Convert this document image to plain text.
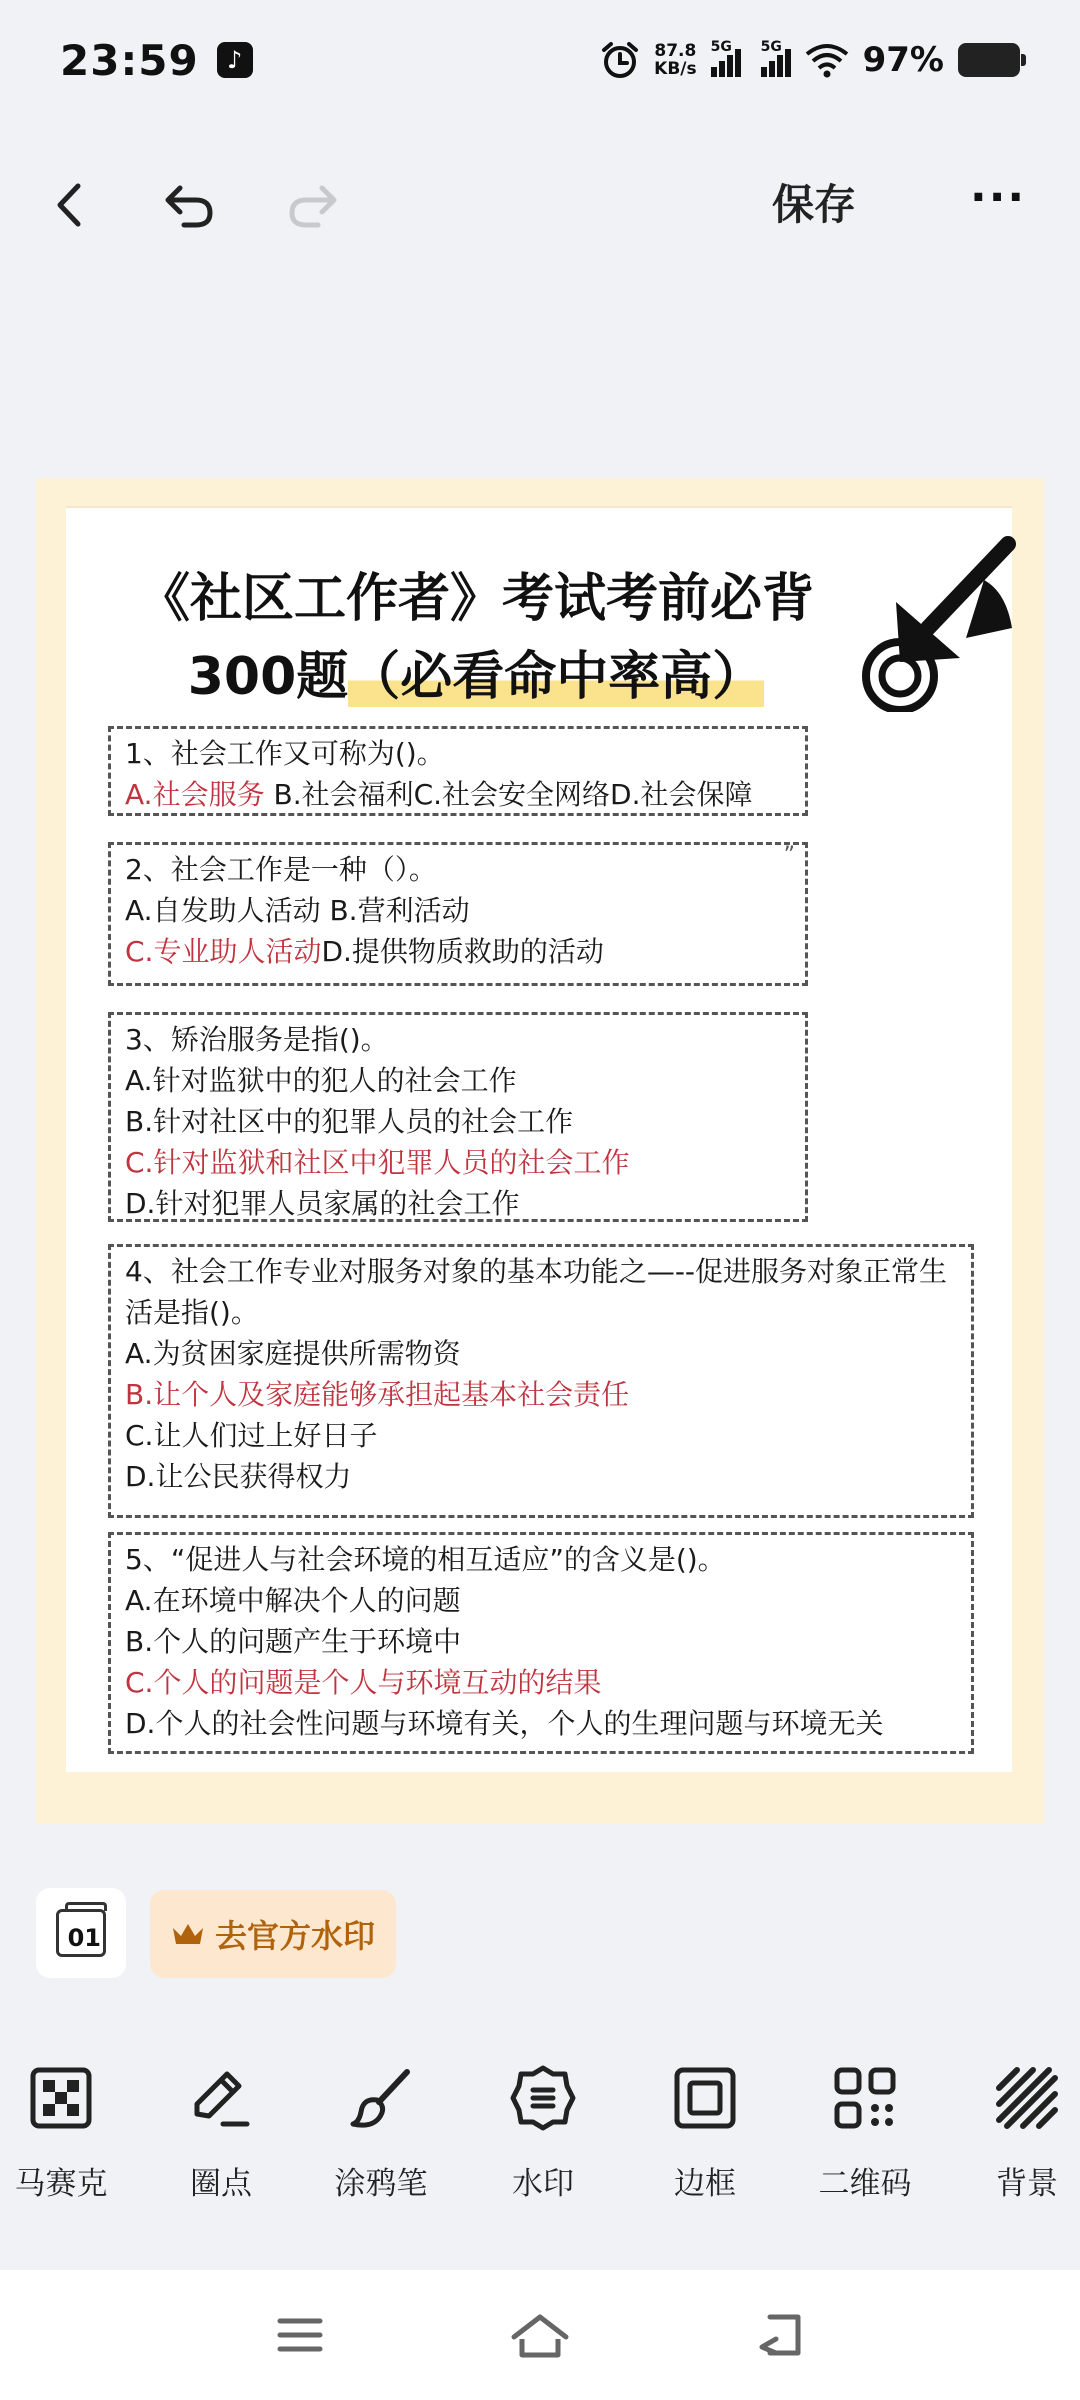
23:59	♪	87.8
KB/s
5G 5G 97%
保存	···
《社区工作者》考试考前必背
300题（必看命中率高）

1、社会工作又可称为()。

A.社会服务 B.社会福利C.社会安全网络D.社会保障

”

2、社会工作是一种（）。

A.自发助人活动 B.营利活动

C.专业助人活动D.提供物质救助的活动

3、矫治服务是指()。

A.针对监狱中的犯人的社会工作

B.针对社区中的犯罪人员的社会工作

C.针对监狱和社区中犯罪人员的社会工作

D.针对犯罪人员家属的社会工作

4、社会工作专业对服务对象的基本功能之—--促进服务对象正常生

活是指()。

A.为贫困家庭提供所需物资

B.让个人及家庭能够承担起基本社会责任

C.让人们过上好日子

D.让公民获得权力

5、“促进人与社会环境的相互适应”的含义是()。

A.在环境中解决个人的问题

B.个人的问题产生于环境中

C.个人的问题是个人与环境互动的结果

D.个人的社会性问题与环境有关，个人的生理问题与环境无关

01	去官方水印
马赛克	圈点	涂鸦笔	水印	边框	二维码	背景
